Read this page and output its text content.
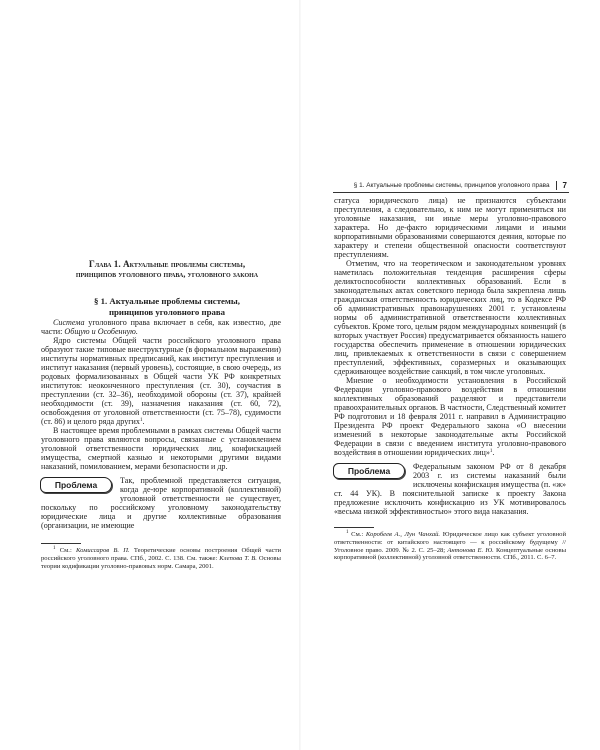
Глава 1. Актуальные проблемы системы,
принципов уголовного права, уголовного закона
§ 1. Актуальные проблемы системы,
принципов уголовного права

Система уголовного права включает в себя, как известно, две части: Общую и Особенную.

Ядро системы Общей части российского уголовного права образуют такие типовые внеструктурные (в формальном выражении) институты нормативных предписаний, как институт преступления и институт наказания (первый уровень), состоящие, в свою очередь, из родовых формализованных в Общей части УК РФ конкретных институтов: неоконченного преступления (ст. 30), соучастия в преступлении (ст. 32–36), необходимой обороны (ст. 37), крайней необходимости (ст. 39), назначения наказания (ст. 60, 72), освобождения от уголовной ответственности (ст. 75–78), судимости (ст. 86) и целого ряда других$^1$.

В настоящее время проблемными в рамках системы Общей части уголовного права являются вопросы, связанные с установлением уголовной ответственности юридических лиц, конфискацией имущества, смертной казнью и некоторыми другими видами наказаний, помилованием, мерами безопасности и др.

Проблема	Так, проблемной представляется ситуация, когда де-юре корпоративной (коллективной) уголовной ответственности не существует, поскольку по российскому уголовному законодательству юридические лица и другие коллективные образования (организации, не имеющие

$^1$ См.: Комиссаров В. П. Теоретические основы построения Общей части российского уголовного права. СПб., 2002. С. 138. См. также: Клепова Т. В. Основы теории кодификации уголовно-правовых норм. Самара, 2001.

§ 1. Актуальные проблемы системы, принципов уголовного права 7

статуса юридического лица) не признаются субъектами преступления, а следовательно, к ним не могут применяться ни уголовные наказания, ни иные меры уголовно-правового характера. Но де-факто юридическими лицами и иными корпоративными образованиями совершаются деяния, которые по характеру и степени общественной опасности соответствуют преступлениям.

Отметим, что на теоретическом и законодательном уровнях наметилась положительная тенденция расширения сферы деликтоспособности коллективных образований. Если в законодательных актах советского периода была закреплена лишь гражданская ответственность юридических лиц, то в Кодексе РФ об административных правонарушениях 2001 г. установлены нормы об административной ответственности коллективных субъектов. Кроме того, целым рядом международных конвенций (в которых участвует Россия) предусматривается обязанность нашего государства обеспечить применение в отношении юридических лиц, привлекаемых к ответственности в связи с совершением преступлений, эффективных, соразмерных и оказывающих сдерживающее воздействие санкций, в том числе уголовных.

Мнение о необходимости установления в Российской Федерации уголовно-правового воздействия в отношении коллективных образований разделяют и представители правоохранительных органов. В частности, Следственный комитет РФ подготовил и 18 февраля 2011 г. направил в Администрацию Президента РФ проект Федерального закона «О внесении изменений в некоторые законодательные акты Российской Федерации в связи с введением института уголовно-правового воздействия в отношении юридических лиц»$^1$.

Проблема	Федеральным законом РФ от 8 декабря 2003 г. из системы наказаний были исключены конфискация имущества (п. «ж» ст. 44 УК). В пояснительной записке к проекту Закона предложение исключить конфискацию из УК мотивировалось «весьма низкой эффективностью» этого вида наказания.

$^1$ См.: Коробеев А., Лун Чанхай. Юридическое лицо как субъект уголовной ответственности: от китайского настоящего — к российскому будущему // Уголовное право. 2009. № 2. С. 25–28; Антонова Е. Ю. Концептуальные основы корпоративной (коллективной) уголовной ответственности. СПб., 2011. С. 6–7.
